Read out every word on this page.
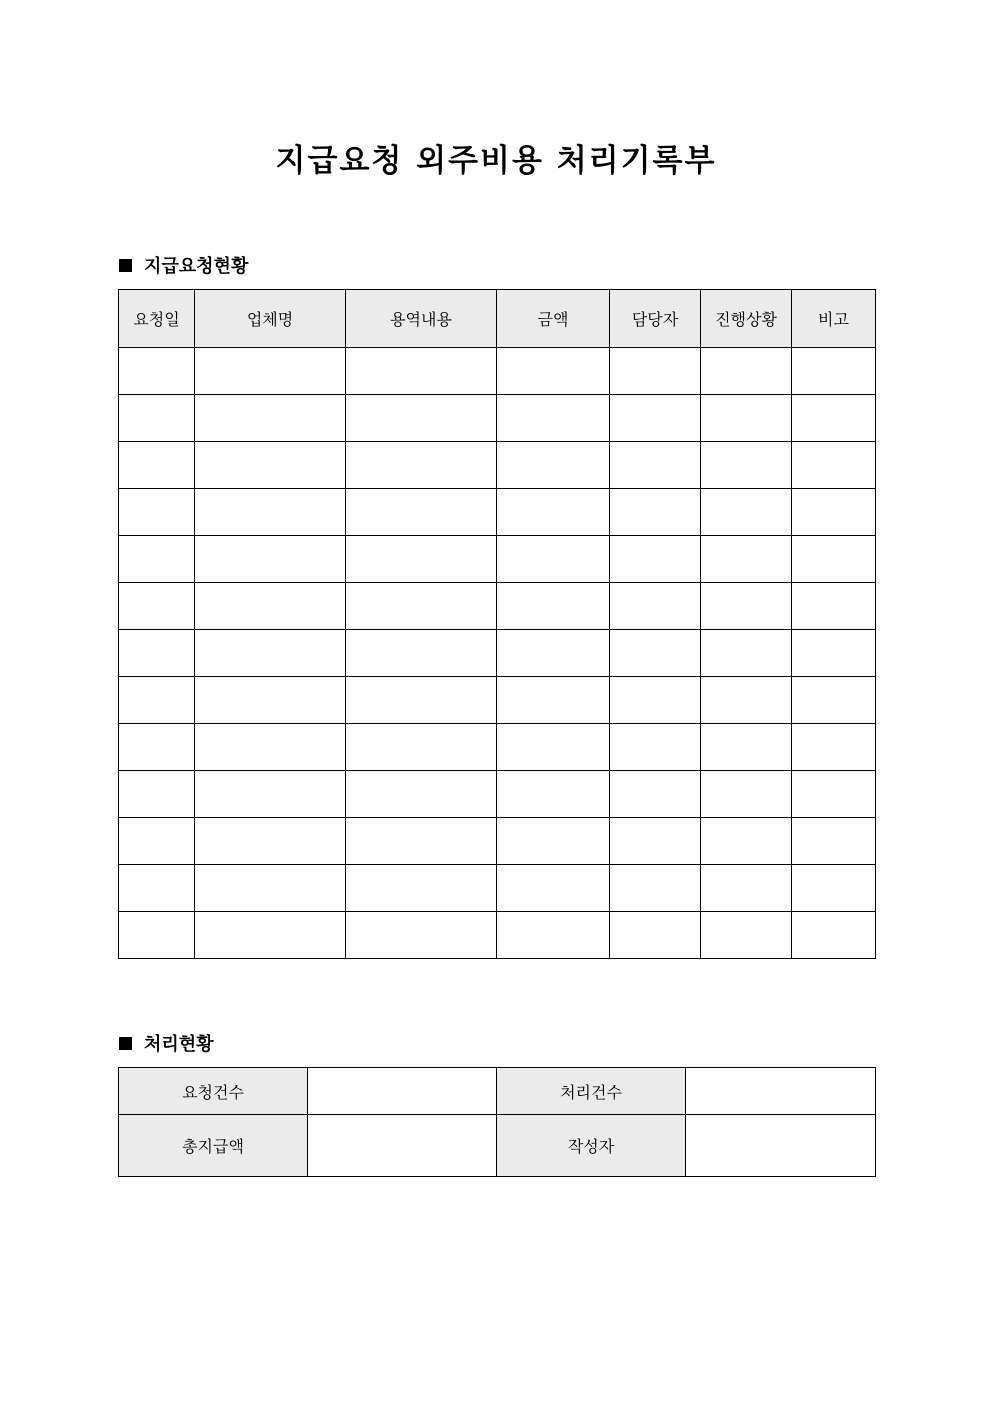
지급요청 외주비용 처리기록부
지급요청현황
요청일	업체명	용역내용	금액	담당자	진행상황	비고

처리현황
요청건수		처리건수	
총지급액		작성자	
